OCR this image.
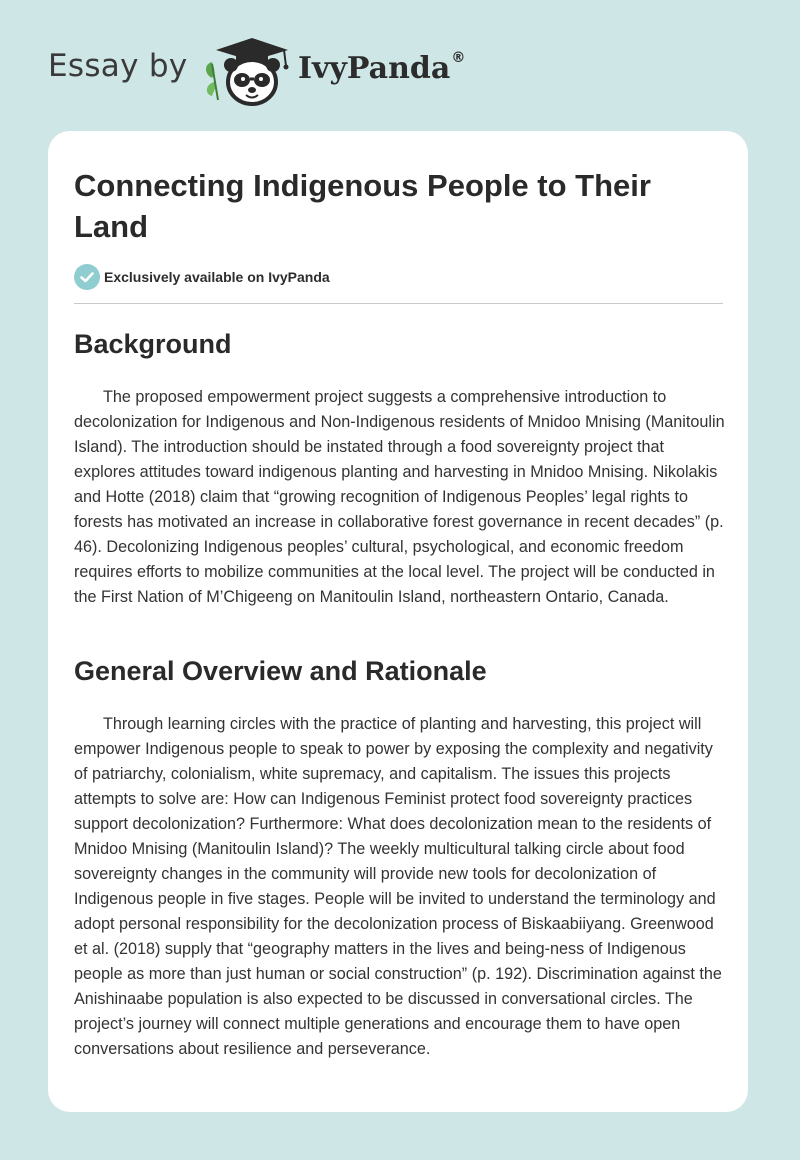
Essay by	IvyPanda®
Connecting Indigenous People to Their Land
Exclusively available on IvyPanda
Background

The proposed empowerment project suggests a comprehensive introduction to decolonization for Indigenous and Non-Indigenous residents of Mnidoo Mnising (Manitoulin Island). The introduction should be instated through a food sovereignty project that explores attitudes toward indigenous planting and harvesting in Mnidoo Mnising. Nikolakis and Hotte (2018) claim that “growing recognition of Indigenous Peoples’ legal rights to forests has motivated an increase in collaborative forest governance in recent decades” (p. 46). Decolonizing Indigenous peoples’ cultural, psychological, and economic freedom requires efforts to mobilize communities at the local level. The project will be conducted in the First Nation of M’Chigeeng on Manitoulin Island, northeastern Ontario, Canada.

General Overview and Rationale

Through learning circles with the practice of planting and harvesting, this project will empower Indigenous people to speak to power by exposing the complexity and negativity of patriarchy, colonialism, white supremacy, and capitalism. The issues this projects attempts to solve are: How can Indigenous Feminist protect food sovereignty practices support decolonization? Furthermore: What does decolonization mean to the residents of Mnidoo Mnising (Manitoulin Island)? The weekly multicultural talking circle about food sovereignty changes in the community will provide new tools for decolonization of Indigenous people in five stages. People will be invited to understand the terminology and adopt personal responsibility for the decolonization process of Biskaabiiyang. Greenwood et al. (2018) supply that “geography matters in the lives and being-ness of Indigenous people as more than just human or social construction” (p. 192). Discrimination against the Anishinaabe population is also expected to be discussed in conversational circles. The project’s journey will connect multiple generations and encourage them to have open conversations about resilience and perseverance.
